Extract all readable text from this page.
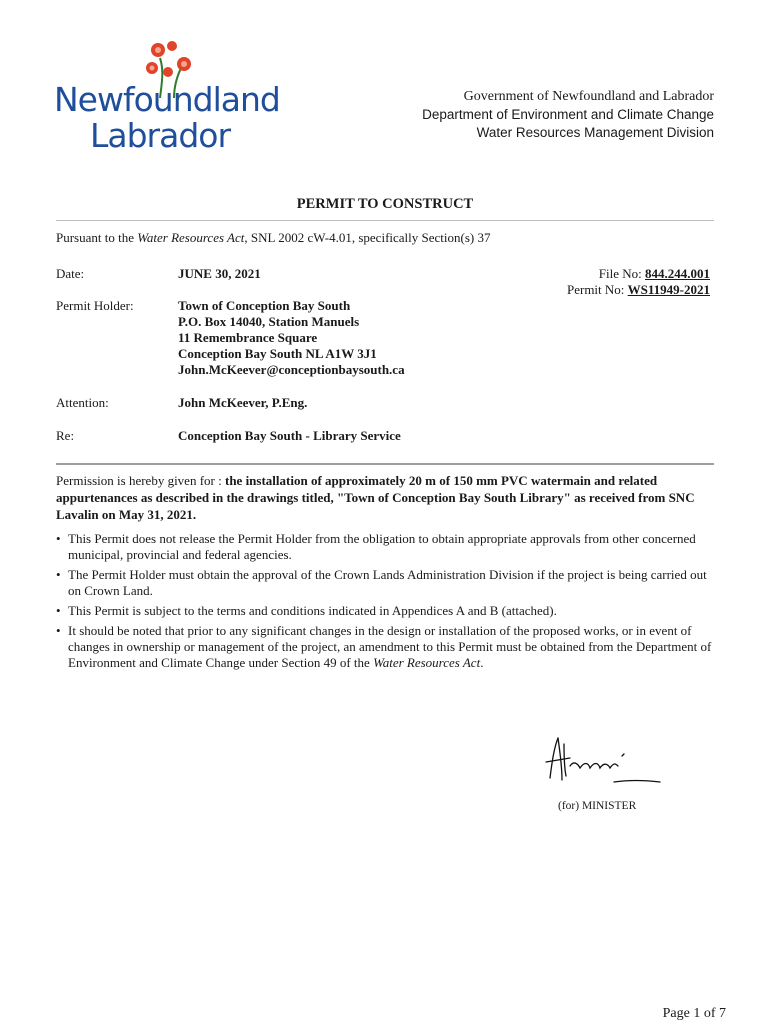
Newfoundland
Labrador
Government of Newfoundland and Labrador
Department of Environment and Climate Change
Water Resources Management Division
PERMIT TO CONSTRUCT
Pursuant to the Water Resources Act, SNL 2002 cW-4.01, specifically Section(s) 37
Date:	JUNE 30, 2021	File No: 844.244.001
Permit No: WS11949-2021
Permit Holder:	Town of Conception Bay South
P.O. Box 14040, Station Manuels
11 Remembrance Square
Conception Bay South NL A1W 3J1
John.McKeever@conceptionbaysouth.ca
Attention:	John McKeever, P.Eng.
Re:	Conception Bay South - Library Service
Permission is hereby given for : the installation of approximately 20 m of 150 mm PVC watermain and related appurtenances as described in the drawings titled, "Town of Conception Bay South Library" as received from SNC Lavalin on May 31, 2021.
• This Permit does not release the Permit Holder from the obligation to obtain appropriate approvals from other concerned municipal, provincial and federal agencies.
• The Permit Holder must obtain the approval of the Crown Lands Administration Division if the project is being carried out on Crown Land.
• This Permit is subject to the terms and conditions indicated in Appendices A and B (attached).
• It should be noted that prior to any significant changes in the design or installation of the proposed works, or in event of changes in ownership or management of the project, an amendment to this Permit must be obtained from the Department of Environment and Climate Change under Section 49 of the Water Resources Act.
(for) MINISTER
Page 1 of 7
